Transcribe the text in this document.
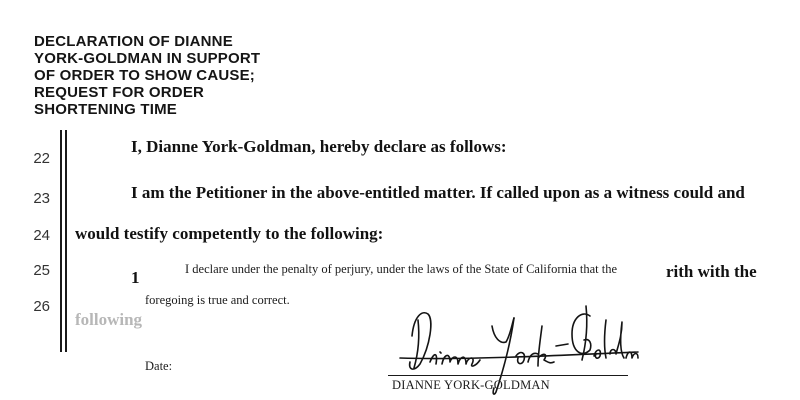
DECLARATION OF DIANNE
YORK-GOLDMAN IN SUPPORT
OF ORDER TO SHOW CAUSE;
REQUEST FOR ORDER
SHORTENING TIME
22
23
24
25
26
I, Dianne York-Goldman, hereby declare as follows:
I am the Petitioner in the above-entitled matter. If called upon as a witness could and
would testify competently to the following:
1	rith with the
following
I declare under the penalty of perjury, under the laws of the State of California that the
foregoing is true and correct.
Date:
DIANNE YORK-GOLDMAN
